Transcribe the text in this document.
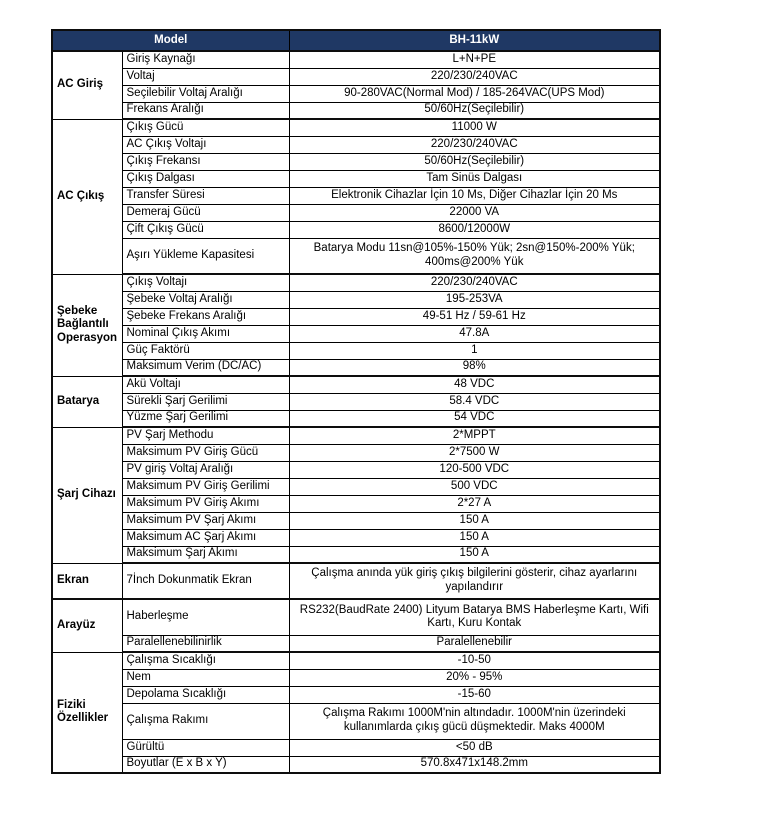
Model		BH-11kW
AC Giriş	Giriş Kaynağı	L+N+PE
	Voltaj	220/230/240VAC
	Seçilebilir Voltaj Aralığı	90-280VAC(Normal Mod) / 185-264VAC(UPS Mod)
	Frekans Aralığı	50/60Hz(Seçilebilir)
AC Çıkış	Çıkış Gücü	11000 W
	AC Çıkış Voltajı	220/230/240VAC
	Çıkış Frekansı	50/60Hz(Seçilebilir)
	Çıkış Dalgası	Tam Sinüs Dalgası
	Transfer Süresi	Elektronik Cihazlar İçin 10 Ms, Diğer Cihazlar İçin 20 Ms
	Demeraj Gücü	22000 VA
	Çift Çıkış Gücü	8600/12000W
	Aşırı Yükleme Kapasitesi	Batarya Modu 11sn@105%-150% Yük; 2sn@150%-200% Yük; 400ms@200% Yük
Şebeke Bağlantılı Operasyon	Çıkış Voltajı	220/230/240VAC
	Şebeke Voltaj Aralığı	195-253VA
	Şebeke Frekans Aralığı	49-51 Hz / 59-61 Hz
	Nominal Çıkış Akımı	47.8A
	Güç Faktörü	1
	Maksimum Verim (DC/AC)	98%
Batarya	Akü Voltajı	48 VDC
	Sürekli Şarj Gerilimi	58.4 VDC
	Yüzme Şarj Gerilimi	54 VDC
Şarj Cihazı	PV Şarj Methodu	2*MPPT
	Maksimum PV Giriş Gücü	2*7500 W
	PV giriş Voltaj Aralığı	120-500 VDC
	Maksimum PV Giriş Gerilimi	500 VDC
	Maksimum PV Giriş Akımı	2*27 A
	Maksimum PV Şarj Akımı	150 A
	Maksimum AC Şarj Akımı	150 A
	Maksimum Şarj Akımı	150 A
Ekran	7İnch Dokunmatik Ekran	Çalışma anında yük giriş çıkış bilgilerini gösterir, cihaz ayarlarını yapılandırır
Arayüz	Haberleşme	RS232(BaudRate 2400) Lityum Batarya BMS Haberleşme Kartı, Wifi Kartı, Kuru Kontak
	Paralellenebilinirlik	Paralellenebilir
Fiziki Özellikler	Çalışma Sıcaklığı	-10-50
	Nem	20% - 95%
	Depolama Sıcaklığı	-15-60
	Çalışma Rakımı	Çalışma Rakımı 1000M'nin altındadır. 1000M'nin üzerindeki kullanımlarda çıkış gücü düşmektedir. Maks 4000M
	Gürültü	<50 dB
	Boyutlar (E x B x Y)	570.8x471x148.2mm
